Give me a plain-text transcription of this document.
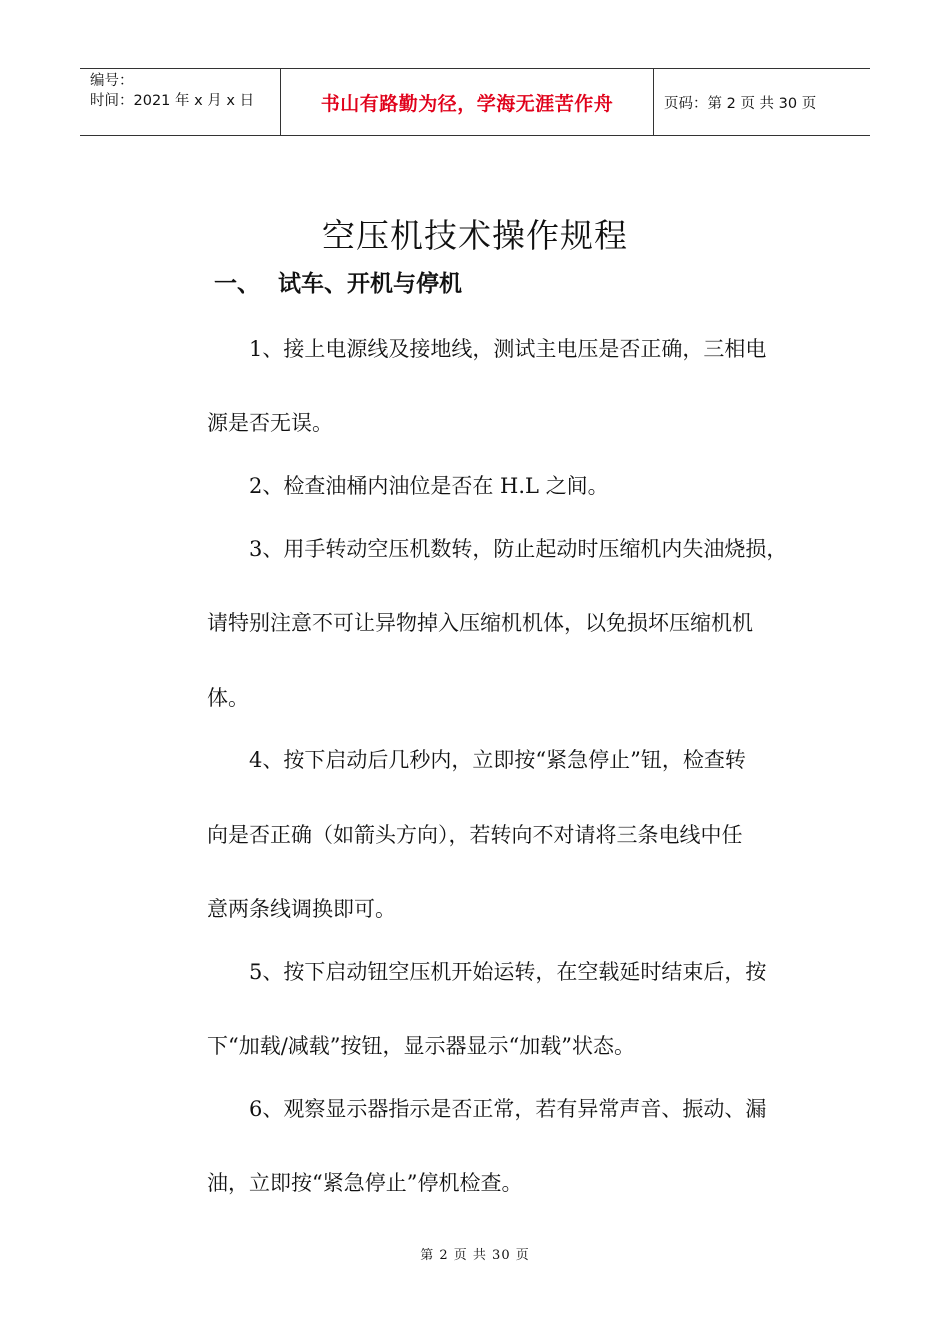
编号：
时间：2021 年 x 月 x 日	书山有路勤为径，学海无涯苦作舟	页码：第 2 页 共 30 页
空压机技术操作规程
一、 试车、开机与停机

　　1、接上电源线及接地线，测试主电压是否正确，三相电

源是否无误。

　　2、检查油桶内油位是否在 H.L 之间。

　　3、用手转动空压机数转，防止起动时压缩机内失油烧损，

请特别注意不可让异物掉入压缩机机体，以免损坏压缩机机

体。

　　4、按下启动后几秒内，立即按“紧急停止”钮，检查转

向是否正确（如箭头方向），若转向不对请将三条电线中任

意两条线调换即可。

　　5、按下启动钮空压机开始运转，在空载延时结束后，按

下“加载/减载”按钮，显示器显示“加载”状态。

　　6、观察显示器指示是否正常，若有异常声音、振动、漏

油，立即按“紧急停止”停机检查。

第 2 页 共 30 页
